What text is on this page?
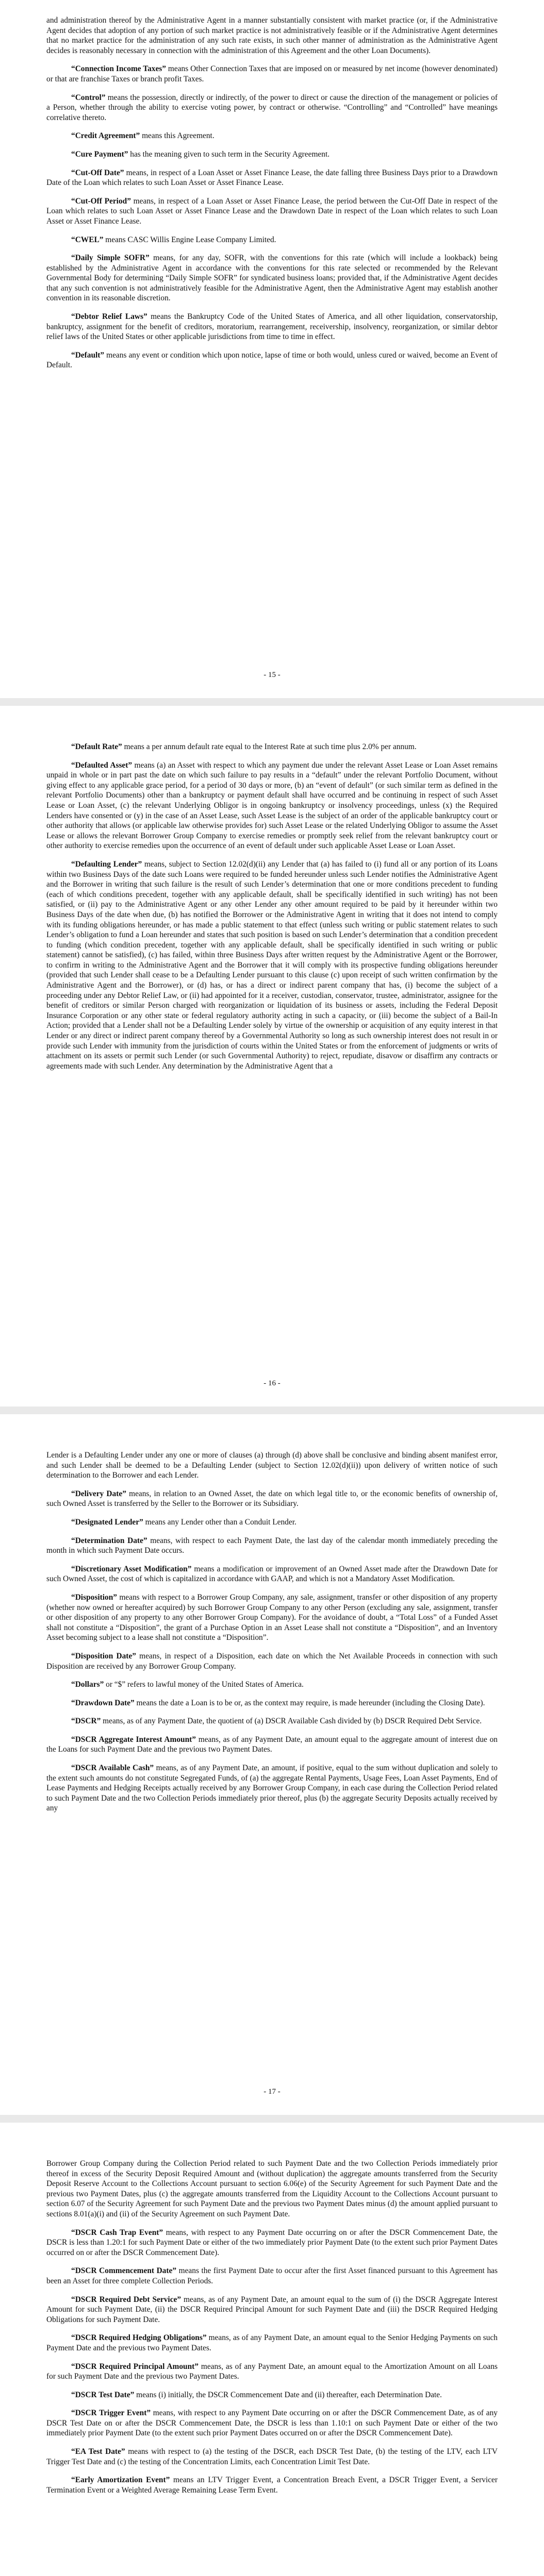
and administration thereof by the Administrative Agent in a manner substantially consistent with market practice (or, if the Administrative Agent decides that adoption of any portion of such market practice is not administratively feasible or if the Administrative Agent determines that no market practice for the administration of any such rate exists, in such other manner of administration as the Administrative Agent decides is reasonably necessary in connection with the administration of this Agreement and the other Loan Documents).

“Connection Income Taxes” means Other Connection Taxes that are imposed on or measured by net income (however denominated) or that are franchise Taxes or branch profit Taxes.

“Control” means the possession, directly or indirectly, of the power to direct or cause the direction of the management or policies of a Person, whether through the ability to exercise voting power, by contract or otherwise. “Controlling” and “Controlled” have meanings correlative thereto.

“Credit Agreement” means this Agreement.

“Cure Payment” has the meaning given to such term in the Security Agreement.

“Cut-Off Date” means, in respect of a Loan Asset or Asset Finance Lease, the date falling three Business Days prior to a Drawdown Date of the Loan which relates to such Loan Asset or Asset Finance Lease.

“Cut-Off Period” means, in respect of a Loan Asset or Asset Finance Lease, the period between the Cut-Off Date in respect of the Loan which relates to such Loan Asset or Asset Finance Lease and the Drawdown Date in respect of the Loan which relates to such Loan Asset or Asset Finance Lease.

“CWEL” means CASC Willis Engine Lease Company Limited.

“Daily Simple SOFR” means, for any day, SOFR, with the conventions for this rate (which will include a lookback) being established by the Administrative Agent in accordance with the conventions for this rate selected or recommended by the Relevant Governmental Body for determining “Daily Simple SOFR” for syndicated business loans; provided that, if the Administrative Agent decides that any such convention is not administratively feasible for the Administrative Agent, then the Administrative Agent may establish another convention in its reasonable discretion.

“Debtor Relief Laws” means the Bankruptcy Code of the United States of America, and all other liquidation, conservatorship, bankruptcy, assignment for the benefit of creditors, moratorium, rearrangement, receivership, insolvency, reorganization, or similar debtor relief laws of the United States or other applicable jurisdictions from time to time in effect.

“Default” means any event or condition which upon notice, lapse of time or both would, unless cured or waived, become an Event of Default.

- 15 -

“Default Rate” means a per annum default rate equal to the Interest Rate at such time plus 2.0% per annum.

“Defaulted Asset” means (a) an Asset with respect to which any payment due under the relevant Asset Lease or Loan Asset remains unpaid in whole or in part past the date on which such failure to pay results in a “default” under the relevant Portfolio Document, without giving effect to any applicable grace period, for a period of 30 days or more, (b) an “event of default” (or such similar term as defined in the relevant Portfolio Documents) other than a bankruptcy or payment default shall have occurred and be continuing in respect of such Asset Lease or Loan Asset, (c) the relevant Underlying Obligor is in ongoing bankruptcy or insolvency proceedings, unless (x) the Required Lenders have consented or (y) in the case of an Asset Lease, such Asset Lease is the subject of an order of the applicable bankruptcy court or other authority that allows (or applicable law otherwise provides for) such Asset Lease or the related Underlying Obligor to assume the Asset Lease or allows the relevant Borrower Group Company to exercise remedies or promptly seek relief from the relevant bankruptcy court or other authority to exercise remedies upon the occurrence of an event of default under such applicable Asset Lease or Loan Asset.

“Defaulting Lender” means, subject to Section 12.02(d)(ii) any Lender that (a) has failed to (i) fund all or any portion of its Loans within two Business Days of the date such Loans were required to be funded hereunder unless such Lender notifies the Administrative Agent and the Borrower in writing that such failure is the result of such Lender’s determination that one or more conditions precedent to funding (each of which conditions precedent, together with any applicable default, shall be specifically identified in such writing) has not been satisfied, or (ii) pay to the Administrative Agent or any other Lender any other amount required to be paid by it hereunder within two Business Days of the date when due, (b) has notified the Borrower or the Administrative Agent in writing that it does not intend to comply with its funding obligations hereunder, or has made a public statement to that effect (unless such writing or public statement relates to such Lender’s obligation to fund a Loan hereunder and states that such position is based on such Lender’s determination that a condition precedent to funding (which condition precedent, together with any applicable default, shall be specifically identified in such writing or public statement) cannot be satisfied), (c) has failed, within three Business Days after written request by the Administrative Agent or the Borrower, to confirm in writing to the Administrative Agent and the Borrower that it will comply with its prospective funding obligations hereunder (provided that such Lender shall cease to be a Defaulting Lender pursuant to this clause (c) upon receipt of such written confirmation by the Administrative Agent and the Borrower), or (d) has, or has a direct or indirect parent company that has, (i) become the subject of a proceeding under any Debtor Relief Law, or (ii) had appointed for it a receiver, custodian, conservator, trustee, administrator, assignee for the benefit of creditors or similar Person charged with reorganization or liquidation of its business or assets, including the Federal Deposit Insurance Corporation or any other state or federal regulatory authority acting in such a capacity, or (iii) become the subject of a Bail-In Action; provided that a Lender shall not be a Defaulting Lender solely by virtue of the ownership or acquisition of any equity interest in that Lender or any direct or indirect parent company thereof by a Governmental Authority so long as such ownership interest does not result in or provide such Lender with immunity from the jurisdiction of courts within the United States or from the enforcement of judgments or writs of attachment on its assets or permit such Lender (or such Governmental Authority) to reject, repudiate, disavow or disaffirm any contracts or agreements made with such Lender. Any determination by the Administrative Agent that a

- 16 -

Lender is a Defaulting Lender under any one or more of clauses (a) through (d) above shall be conclusive and binding absent manifest error, and such Lender shall be deemed to be a Defaulting Lender (subject to Section 12.02(d)(ii)) upon delivery of written notice of such determination to the Borrower and each Lender.

“Delivery Date” means, in relation to an Owned Asset, the date on which legal title to, or the economic benefits of ownership of, such Owned Asset is transferred by the Seller to the Borrower or its Subsidiary.

“Designated Lender” means any Lender other than a Conduit Lender.

“Determination Date” means, with respect to each Payment Date, the last day of the calendar month immediately preceding the month in which such Payment Date occurs.

“Discretionary Asset Modification” means a modification or improvement of an Owned Asset made after the Drawdown Date for such Owned Asset, the cost of which is capitalized in accordance with GAAP, and which is not a Mandatory Asset Modification.

“Disposition” means with respect to a Borrower Group Company, any sale, assignment, transfer or other disposition of any property (whether now owned or hereafter acquired) by such Borrower Group Company to any other Person (excluding any sale, assignment, transfer or other disposition of any property to any other Borrower Group Company). For the avoidance of doubt, a “Total Loss” of a Funded Asset shall not constitute a “Disposition”, the grant of a Purchase Option in an Asset Lease shall not constitute a “Disposition”, and an Inventory Asset becoming subject to a lease shall not constitute a “Disposition”.

“Disposition Date” means, in respect of a Disposition, each date on which the Net Available Proceeds in connection with such Disposition are received by any Borrower Group Company.

“Dollars” or “$” refers to lawful money of the United States of America.

“Drawdown Date” means the date a Loan is to be or, as the context may require, is made hereunder (including the Closing Date).

“DSCR” means, as of any Payment Date, the quotient of (a) DSCR Available Cash divided by (b) DSCR Required Debt Service.

“DSCR Aggregate Interest Amount” means, as of any Payment Date, an amount equal to the aggregate amount of interest due on the Loans for such Payment Date and the previous two Payment Dates.

“DSCR Available Cash” means, as of any Payment Date, an amount, if positive, equal to the sum without duplication and solely to the extent such amounts do not constitute Segregated Funds, of (a) the aggregate Rental Payments, Usage Fees, Loan Asset Payments, End of Lease Payments and Hedging Receipts actually received by any Borrower Group Company, in each case during the Collection Period related to such Payment Date and the two Collection Periods immediately prior thereof, plus (b) the aggregate Security Deposits actually received by any

- 17 -

Borrower Group Company during the Collection Period related to such Payment Date and the two Collection Periods immediately prior thereof in excess of the Security Deposit Required Amount and (without duplication) the aggregate amounts transferred from the Security Deposit Reserve Account to the Collections Account pursuant to section 6.06(e) of the Security Agreement for such Payment Date and the previous two Payment Dates, plus (c) the aggregate amounts transferred from the Liquidity Account to the Collections Account pursuant to section 6.07 of the Security Agreement for such Payment Date and the previous two Payment Dates minus (d) the amount applied pursuant to sections 8.01(a)(i) and (ii) of the Security Agreement on such Payment Date.

“DSCR Cash Trap Event” means, with respect to any Payment Date occurring on or after the DSCR Commencement Date, the DSCR is less than 1.20:1 for such Payment Date or either of the two immediately prior Payment Date (to the extent such prior Payment Dates occurred on or after the DSCR Commencement Date).

“DSCR Commencement Date” means the first Payment Date to occur after the first Asset financed pursuant to this Agreement has been an Asset for three complete Collection Periods.

“DSCR Required Debt Service” means, as of any Payment Date, an amount equal to the sum of (i) the DSCR Aggregate Interest Amount for such Payment Date, (ii) the DSCR Required Principal Amount for such Payment Date and (iii) the DSCR Required Hedging Obligations for such Payment Date.

“DSCR Required Hedging Obligations” means, as of any Payment Date, an amount equal to the Senior Hedging Payments on such Payment Date and the previous two Payment Dates.

“DSCR Required Principal Amount” means, as of any Payment Date, an amount equal to the Amortization Amount on all Loans for such Payment Date and the previous two Payment Dates.

“DSCR Test Date” means (i) initially, the DSCR Commencement Date and (ii) thereafter, each Determination Date.

“DSCR Trigger Event” means, with respect to any Payment Date occurring on or after the DSCR Commencement Date, as of any DSCR Test Date on or after the DSCR Commencement Date, the DSCR is less than 1.10:1 on such Payment Date or either of the two immediately prior Payment Date (to the extent such prior Payment Dates occurred on or after the DSCR Commencement Date).

“EA Test Date” means with respect to (a) the testing of the DSCR, each DSCR Test Date, (b) the testing of the LTV, each LTV Trigger Test Date and (c) the testing of the Concentration Limits, each Concentration Limit Test Date.

“Early Amortization Event” means an LTV Trigger Event, a Concentration Breach Event, a DSCR Trigger Event, a Servicer Termination Event or a Weighted Average Remaining Lease Term Event.
